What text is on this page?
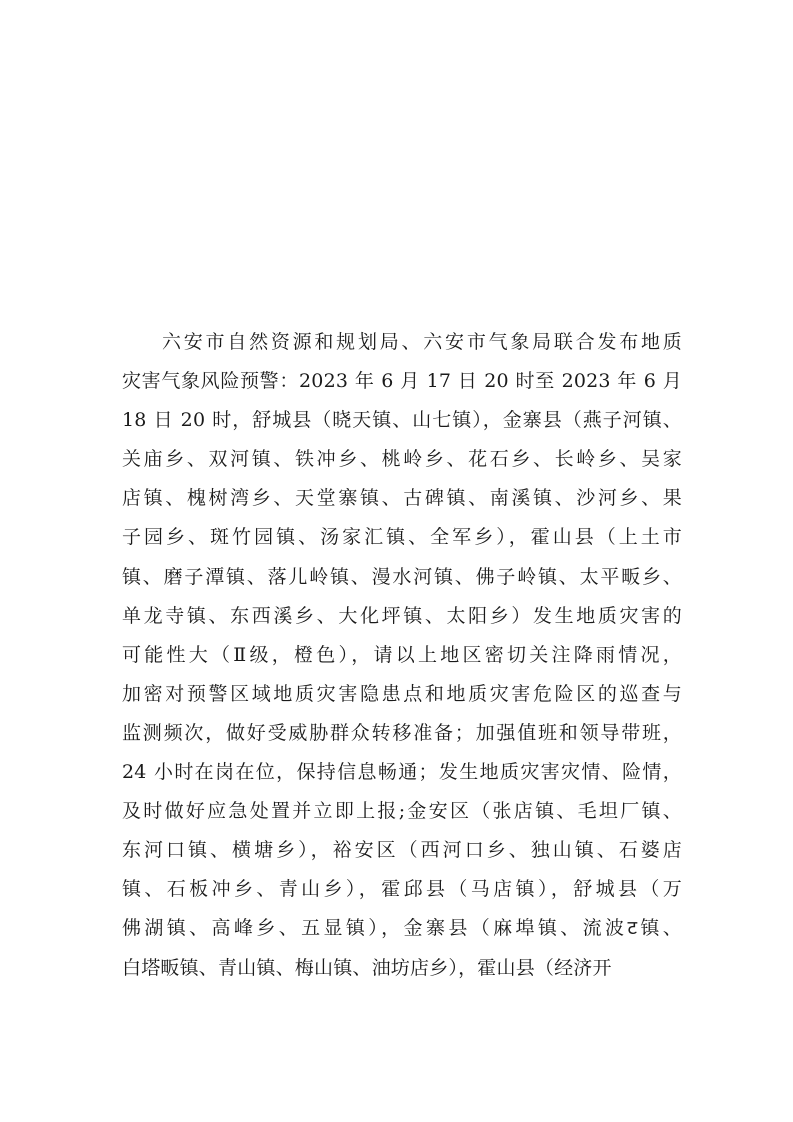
六安市自然资源和规划局、六安市气象局联合发布地质
灾害气象风险预警：2023 年 6 月 17 日 20 时至 2023 年 6 月
18 日 20 时，舒城县（晓天镇、山七镇），金寨县（燕子河镇、
关庙乡、双河镇、铁冲乡、桃岭乡、花石乡、长岭乡、吴家
店镇、槐树湾乡、天堂寨镇、古碑镇、南溪镇、沙河乡、果
子园乡、斑竹园镇、汤家汇镇、全军乡），霍山县（上土市
镇、磨子潭镇、落儿岭镇、漫水河镇、佛子岭镇、太平畈乡、
单龙寺镇、东西溪乡、大化坪镇、太阳乡）发生地质灾害的
可能性大（Ⅱ级，橙色），请以上地区密切关注降雨情况，
加密对预警区域地质灾害隐患点和地质灾害危险区的巡查与
监测频次，做好受威胁群众转移准备；加强值班和领导带班，
24 小时在岗在位，保持信息畅通；发生地质灾害灾情、险情，
及时做好应急处置并立即上报;金安区（张店镇、毛坦厂镇、
东河口镇、横塘乡），裕安区（西河口乡、独山镇、石婆店
镇、石板冲乡、青山乡），霍邱县（马店镇），舒城县（万
佛湖镇、高峰乡、五显镇），金寨县（麻埠镇、流波ट镇、
白塔畈镇、青山镇、梅山镇、油坊店乡），霍山县（经济开
